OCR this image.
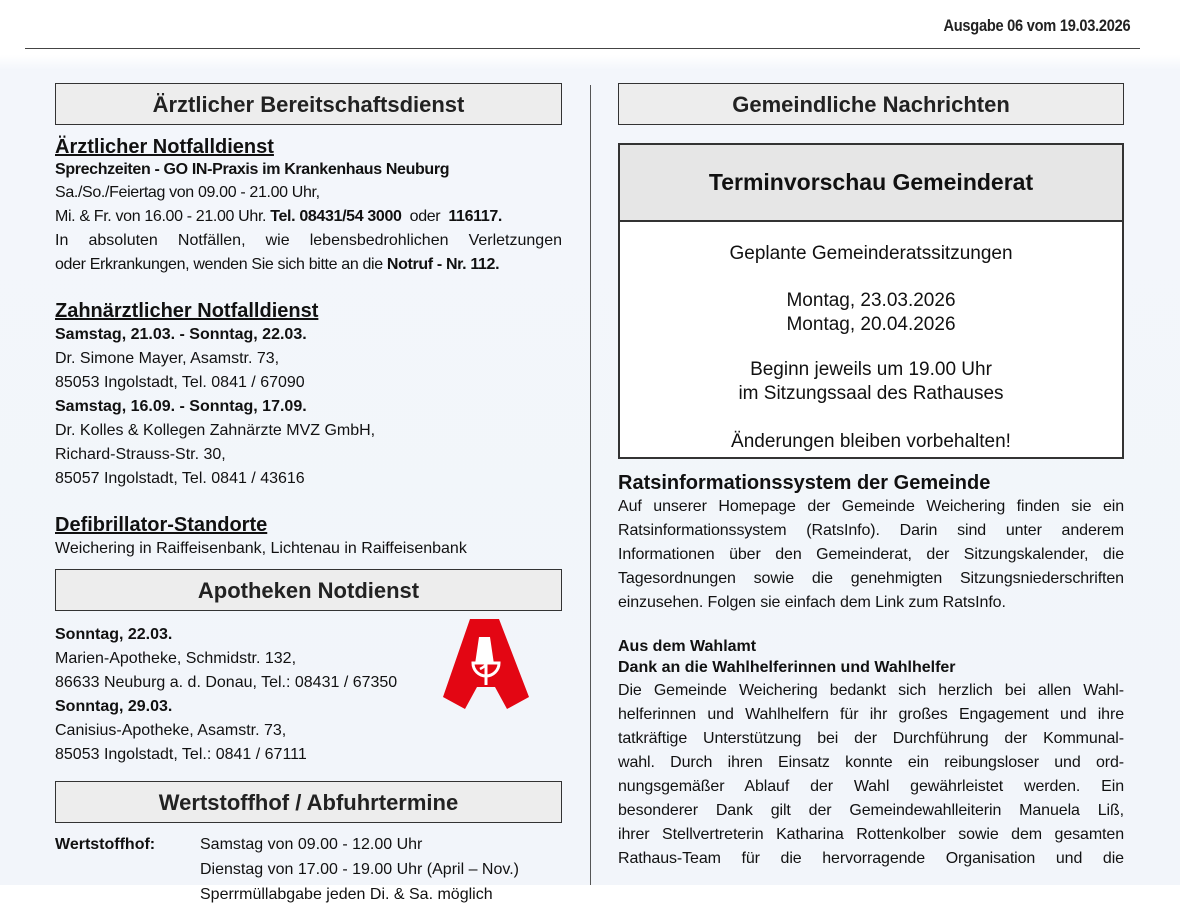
Ausgabe 06 vom 19.03.2026
Ärztlicher Bereitschaftsdienst
Ärztlicher Notfalldienst
Sprechzeiten - GO IN-Praxis im Krankenhaus Neuburg
Sa./So./Feiertag von 09.00 - 21.00 Uhr,
Mi. & Fr. von 16.00 - 21.00 Uhr. Tel. 08431/54 3000 oder 116117.
In absoluten Notfällen, wie lebensbedrohlichen Verletzungen
oder Erkrankungen, wenden Sie sich bitte an die Notruf - Nr. 112.
Zahnärztlicher Notfalldienst
Samstag, 21.03. - Sonntag, 22.03.
Dr. Simone Mayer, Asamstr. 73,
85053 Ingolstadt, Tel. 0841 / 67090
Samstag, 16.09. - Sonntag, 17.09.
Dr. Kolles & Kollegen Zahnärzte MVZ GmbH,
Richard-Strauss-Str. 30,
85057 Ingolstadt, Tel. 0841 / 43616
Defibrillator-Standorte
Weichering in Raiffeisenbank, Lichtenau in Raiffeisenbank
Apotheken Notdienst
Sonntag, 22.03.
Marien-Apotheke, Schmidstr. 132,
86633 Neuburg a. d. Donau, Tel.: 08431 / 67350
Sonntag, 29.03.
Canisius-Apotheke, Asamstr. 73,
85053 Ingolstadt, Tel.: 0841 / 67111
Wertstoffhof / Abfuhrtermine
Wertstoffhof:	Samstag von 09.00 - 12.00 Uhr
Dienstag von 17.00 - 19.00 Uhr (April – Nov.)
Sperrmüllabgabe jeden Di. & Sa. möglich
Gemeindliche Nachrichten
Terminvorschau Gemeinderat
Geplante Gemeinderatssitzungen
Montag, 23.03.2026
Montag, 20.04.2026
Beginn jeweils um 19.00 Uhr
im Sitzungssaal des Rathauses
Änderungen bleiben vorbehalten!
Ratsinformationssystem der Gemeinde
Auf unserer Homepage der Gemeinde Weichering finden sie ein
Ratsinformationssystem (RatsInfo). Darin sind unter anderem
Informationen über den Gemeinderat, der Sitzungskalender, die
Tagesordnungen sowie die genehmigten Sitzungsniederschriften
einzusehen. Folgen sie einfach dem Link zum RatsInfo.
Aus dem Wahlamt
Dank an die Wahlhelferinnen und Wahlhelfer
Die Gemeinde Weichering bedankt sich herzlich bei allen Wahl-
helferinnen und Wahlhelfern für ihr großes Engagement und ihre
tatkräftige Unterstützung bei der Durchführung der Kommunal-
wahl. Durch ihren Einsatz konnte ein reibungsloser und ord-
nungsgemäßer Ablauf der Wahl gewährleistet werden. Ein
besonderer Dank gilt der Gemeindewahlleiterin Manuela Liß,
ihrer Stellvertreterin Katharina Rottenkolber sowie dem gesamten
Rathaus-Team für die hervorragende Organisation und die
